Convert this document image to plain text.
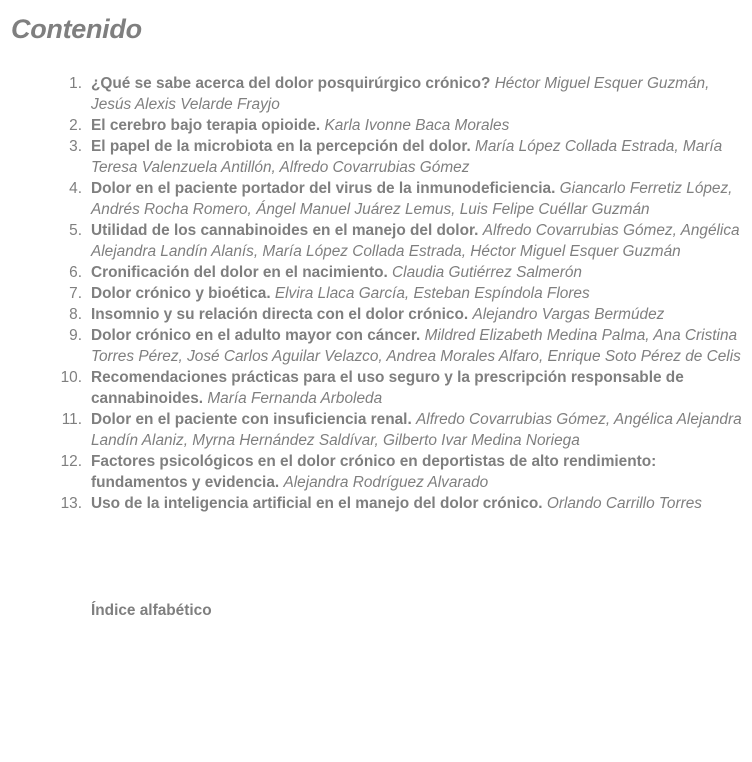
Contenido
1. ¿Qué se sabe acerca del dolor posquirúrgico crónico? Héctor Miguel Esquer Guzmán, Jesús Alexis Velarde Frayjo
2. El cerebro bajo terapia opioide. Karla Ivonne Baca Morales
3. El papel de la microbiota en la percepción del dolor. María López Collada Estrada, María Teresa Valenzuela Antillón, Alfredo Covarrubias Gómez
4. Dolor en el paciente portador del virus de la inmunodeficiencia. Giancarlo Ferretiz López, Andrés Rocha Romero, Ángel Manuel Juárez Lemus, Luis Felipe Cuéllar Guzmán
5. Utilidad de los cannabinoides en el manejo del dolor. Alfredo Covarrubias Gómez, Angélica Alejandra Landín Alanís, María López Collada Estrada, Héctor Miguel Esquer Guzmán
6. Cronificación del dolor en el nacimiento. Claudia Gutiérrez Salmerón
7. Dolor crónico y bioética. Elvira Llaca García, Esteban Espíndola Flores
8. Insomnio y su relación directa con el dolor crónico. Alejandro Vargas Bermúdez
9. Dolor crónico en el adulto mayor con cáncer. Mildred Elizabeth Medina Palma, Ana Cristina Torres Pérez, José Carlos Aguilar Velazco, Andrea Morales Alfaro, Enrique Soto Pérez de Celis
10. Recomendaciones prácticas para el uso seguro y la prescripción responsable de cannabinoides. María Fernanda Arboleda
11. Dolor en el paciente con insuficiencia renal. Alfredo Covarrubias Gómez, Angélica Alejandra Landín Alaniz, Myrna Hernández Saldívar, Gilberto Ivar Medina Noriega
12. Factores psicológicos en el dolor crónico en deportistas de alto rendimiento: fundamentos y evidencia. Alejandra Rodríguez Alvarado
13. Uso de la inteligencia artificial en el manejo del dolor crónico. Orlando Carrillo Torres
Índice alfabético
